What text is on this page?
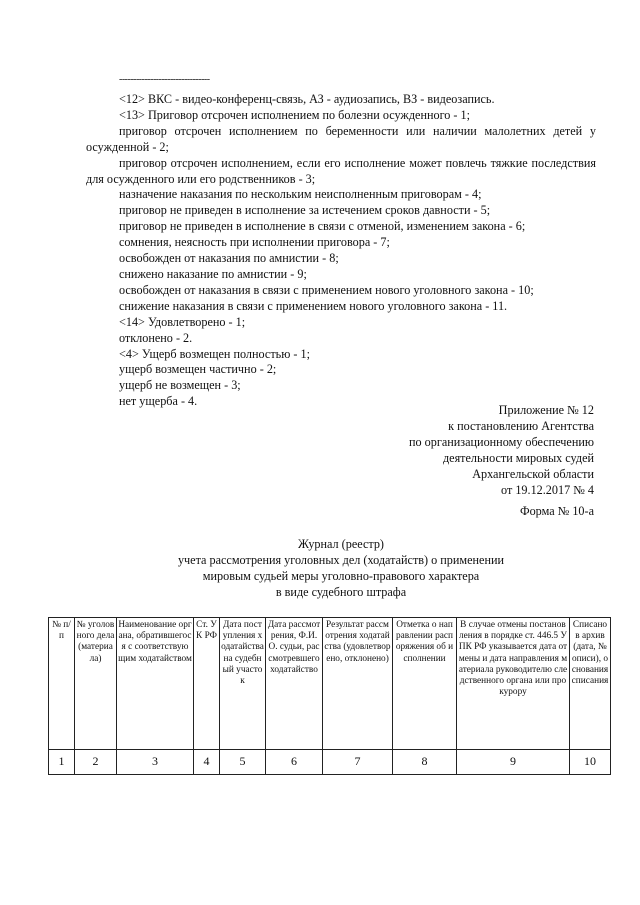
--------------------------------

<12> ВКС - видео-конференц-связь, АЗ - аудиозапись, ВЗ - видеозапись.

<13> Приговор отсрочен исполнением по болезни осужденного - 1;

приговор отсрочен исполнением по беременности или наличии малолетних детей у осужденной - 2;

приговор отсрочен исполнением, если его исполнение может повлечь тяжкие последствия для осужденного или его родственников - 3;

назначение наказания по нескольким неисполненным приговорам - 4;

приговор не приведен в исполнение за истечением сроков давности - 5;

приговор не приведен в исполнение в связи с отменой, изменением закона - 6;

сомнения, неясность при исполнении приговора - 7;

освобожден от наказания по амнистии - 8;

снижено наказание по амнистии - 9;

освобожден от наказания в связи с применением нового уголовного закона - 10;

снижение наказания в связи с применением нового уголовного закона - 11.

<14> Удовлетворено - 1;

отклонено - 2.

<4> Ущерб возмещен полностью - 1;

ущерб возмещен частично - 2;

ущерб не возмещен - 3;

нет ущерба - 4.

Приложение № 12
к постановлению Агентства
по организационному обеспечению
деятельности мировых судей
Архангельской области
от 19.12.2017 № 4
Форма № 10-а
Журнал (реестр)
учета рассмотрения уголовных дел (ходатайств) о применении
мировым судьей меры уголовно-правового характера
в виде судебного штрафа
№ п/п	№ уголовного дела (материала)	Наименование органа, обратившегося с соответствующим ходатайством	Ст. УК РФ	Дата поступления ходатайства на судебный участок	Дата рассмотрения, Ф.И.О. судьи, рассмотревшего ходатайство	Результат рассмотрения ходатайства (удовлетворено, отклонено)	Отметка о направлении распоряжения об исполнении	В случае отмены постановления в порядке ст. 446.5 УПК РФ указывается дата отмены и дата направления материала руководителю следственного органа или прокурору	Списано в архив (дата, № описи), основания списания
1	2	3	4	5	6	7	8	9	10
